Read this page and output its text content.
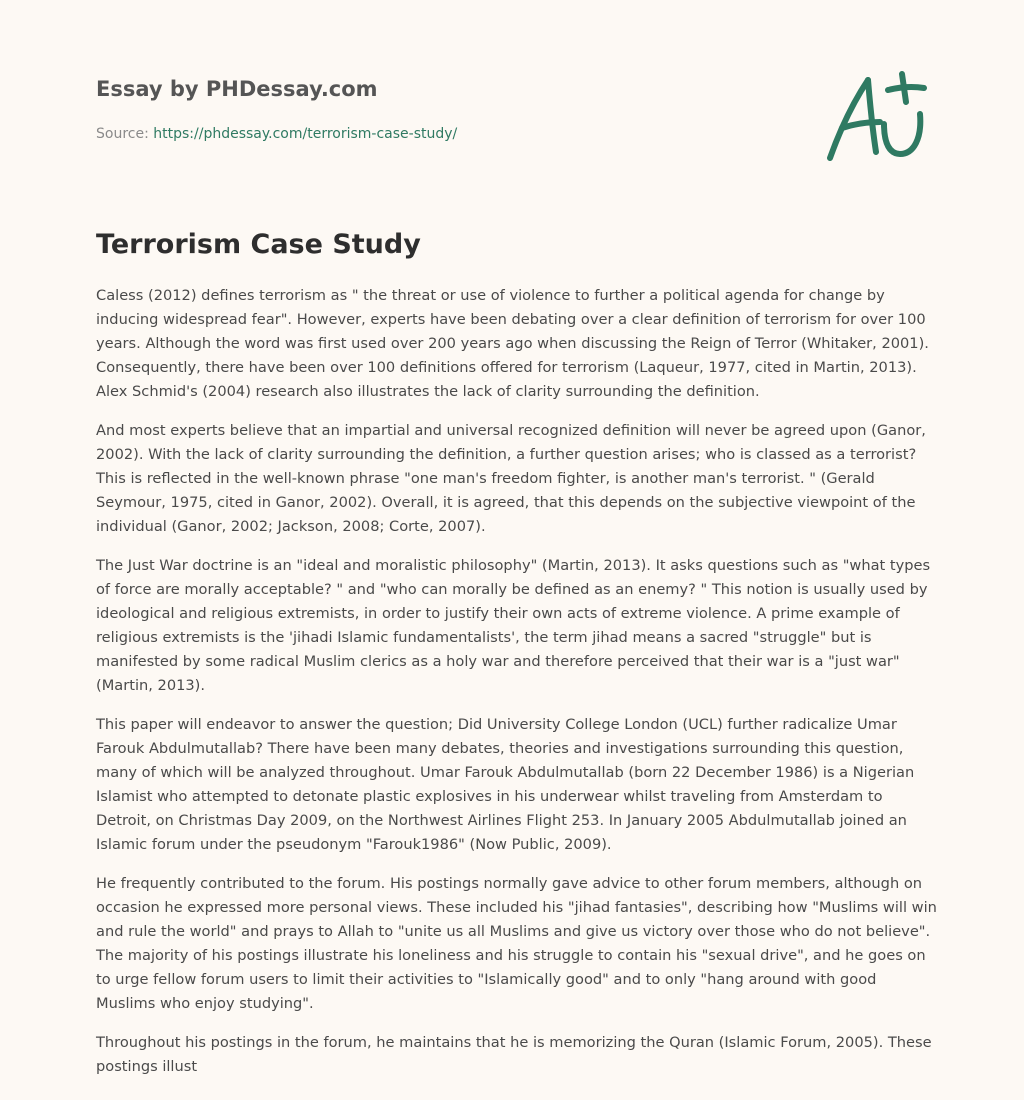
Essay by PHDessay.com
Source: https://phdessay.com/terrorism-case-study/
Terrorism Case Study

Caless (2012) defines terrorism as " the threat or use of violence to further a political agenda for change by inducing widespread fear". However, experts have been debating over a clear definition of terrorism for over 100 years. Although the word was first used over 200 years ago when discussing the Reign of Terror (Whitaker, 2001). Consequently, there have been over 100 definitions offered for terrorism (Laqueur, 1977, cited in Martin, 2013). Alex Schmid's (2004) research also illustrates the lack of clarity surrounding the definition.

And most experts believe that an impartial and universal recognized definition will never be agreed upon (Ganor, 2002). With the lack of clarity surrounding the definition, a further question arises; who is classed as a terrorist? This is reflected in the well-known phrase "one man's freedom fighter, is another man's terrorist. " (Gerald Seymour, 1975, cited in Ganor, 2002). Overall, it is agreed, that this depends on the subjective viewpoint of the individual (Ganor, 2002; Jackson, 2008; Corte, 2007).

The Just War doctrine is an "ideal and moralistic philosophy" (Martin, 2013). It asks questions such as "what types of force are morally acceptable? " and "who can morally be defined as an enemy? " This notion is usually used by ideological and religious extremists, in order to justify their own acts of extreme violence. A prime example of religious extremists is the 'jihadi Islamic fundamentalists', the term jihad means a sacred "struggle" but is manifested by some radical Muslim clerics as a holy war and therefore perceived that their war is a "just war" (Martin, 2013).

This paper will endeavor to answer the question; Did University College London (UCL) further radicalize Umar Farouk Abdulmutallab? There have been many debates, theories and investigations surrounding this question, many of which will be analyzed throughout. Umar Farouk Abdulmutallab (born 22 December 1986) is a Nigerian Islamist who attempted to detonate plastic explosives in his underwear whilst traveling from Amsterdam to Detroit, on Christmas Day 2009, on the Northwest Airlines Flight 253. In January 2005 Abdulmutallab joined an Islamic forum under the pseudonym "Farouk1986" (Now Public, 2009).

He frequently contributed to the forum. His postings normally gave advice to other forum members, although on occasion he expressed more personal views. These included his "jihad fantasies", describing how "Muslims will win and rule the world" and prays to Allah to "unite us all Muslims and give us victory over those who do not believe". The majority of his postings illustrate his loneliness and his struggle to contain his "sexual drive", and he goes on to urge fellow forum users to limit their activities to "Islamically good" and to only "hang around with good Muslims who enjoy studying".

Throughout his postings in the forum, he maintains that he is memorizing the Quran (Islamic Forum, 2005). These postings illust
